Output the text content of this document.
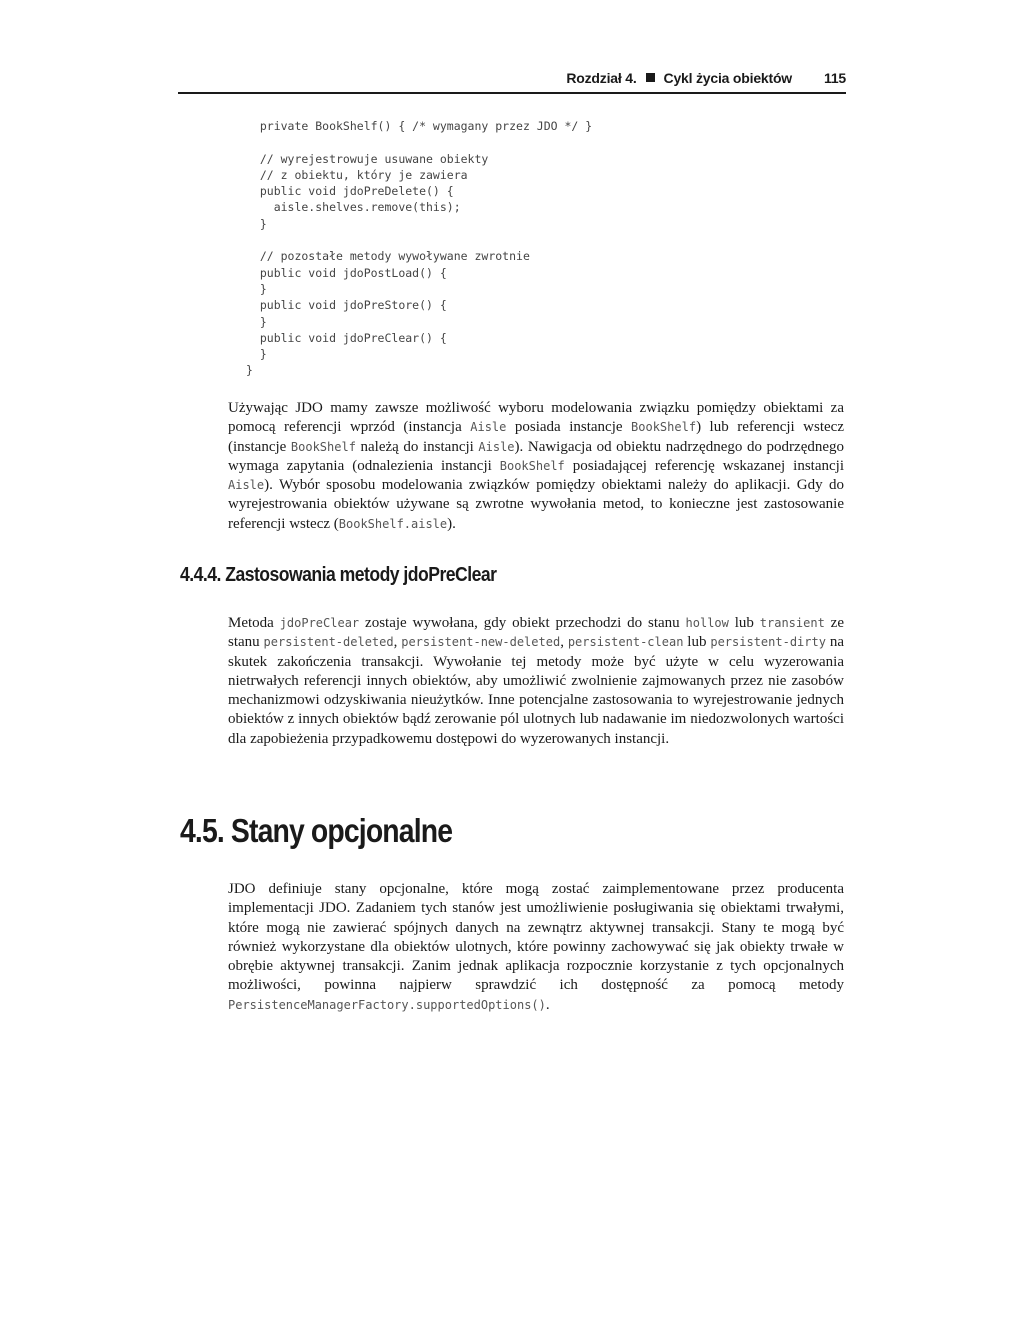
Rozdział 4. Cykl życia obiektów 115
private BookShelf() { /* wymagany przez JDO */ }

// wyrejestrowuje usuwane obiekty
// z obiektu, który je zawiera
public void jdoPreDelete() {
aisle.shelves.remove(this);
}

// pozostałe metody wywoływane zwrotnie
public void jdoPostLoad() {
}
public void jdoPreStore() {
}
public void jdoPreClear() {
}
}

Używając JDO mamy zawsze możliwość wyboru modelowania związku pomiędzy obiektami za pomocą referencji wprzód (instancja Aisle posiada instancje BookShelf) lub referencji wstecz (instancje BookShelf należą do instancji Aisle). Nawigacja od obiektu nadrzędnego do podrzędnego wymaga zapytania (odnalezienia instancji BookShelf posiadającej referencję wskazanej instancji Aisle). Wybór sposobu modelowania związków pomiędzy obiektami należy do aplikacji. Gdy do wyrejestrowania obiektów używane są zwrotne wywołania metod, to konieczne jest zastosowanie referencji wstecz (BookShelf.aisle).

4.4.4. Zastosowania metody jdoPreClear

Metoda jdoPreClear zostaje wywołana, gdy obiekt przechodzi do stanu hollow lub transient ze stanu persistent-deleted, persistent-new-deleted, persistent-clean lub persistent-​dirty na skutek zakończenia transakcji. Wywołanie tej metody może być użyte w celu wyzerowania nietrwałych referencji innych obiektów, aby umożliwić zwolnienie zajmowanych przez nie zasobów mechanizmowi odzyskiwania nieużytków. Inne potencjalne zastosowania to wyrejestrowanie jednych obiektów z innych obiektów bądź zerowanie pól ulotnych lub nadawanie im niedozwolonych wartości dla zapobieżenia przypadkowemu dostępowi do wyzerowanych instancji.

4.5. Stany opcjonalne

JDO definiuje stany opcjonalne, które mogą zostać zaimplementowane przez producenta implementacji JDO. Zadaniem tych stanów jest umożliwienie posługiwania się obiektami trwałymi, które mogą nie zawierać spójnych danych na zewnątrz aktywnej transakcji. Stany te mogą być również wykorzystane dla obiektów ulotnych, które powinny zachowywać się jak obiekty trwałe w obrębie aktywnej transakcji. Zanim jednak aplikacja rozpocznie korzystanie z tych opcjonalnych możliwości, powinna najpierw sprawdzić ich dostępność za pomocą metody PersistenceManagerFactory.supportedOptions().
